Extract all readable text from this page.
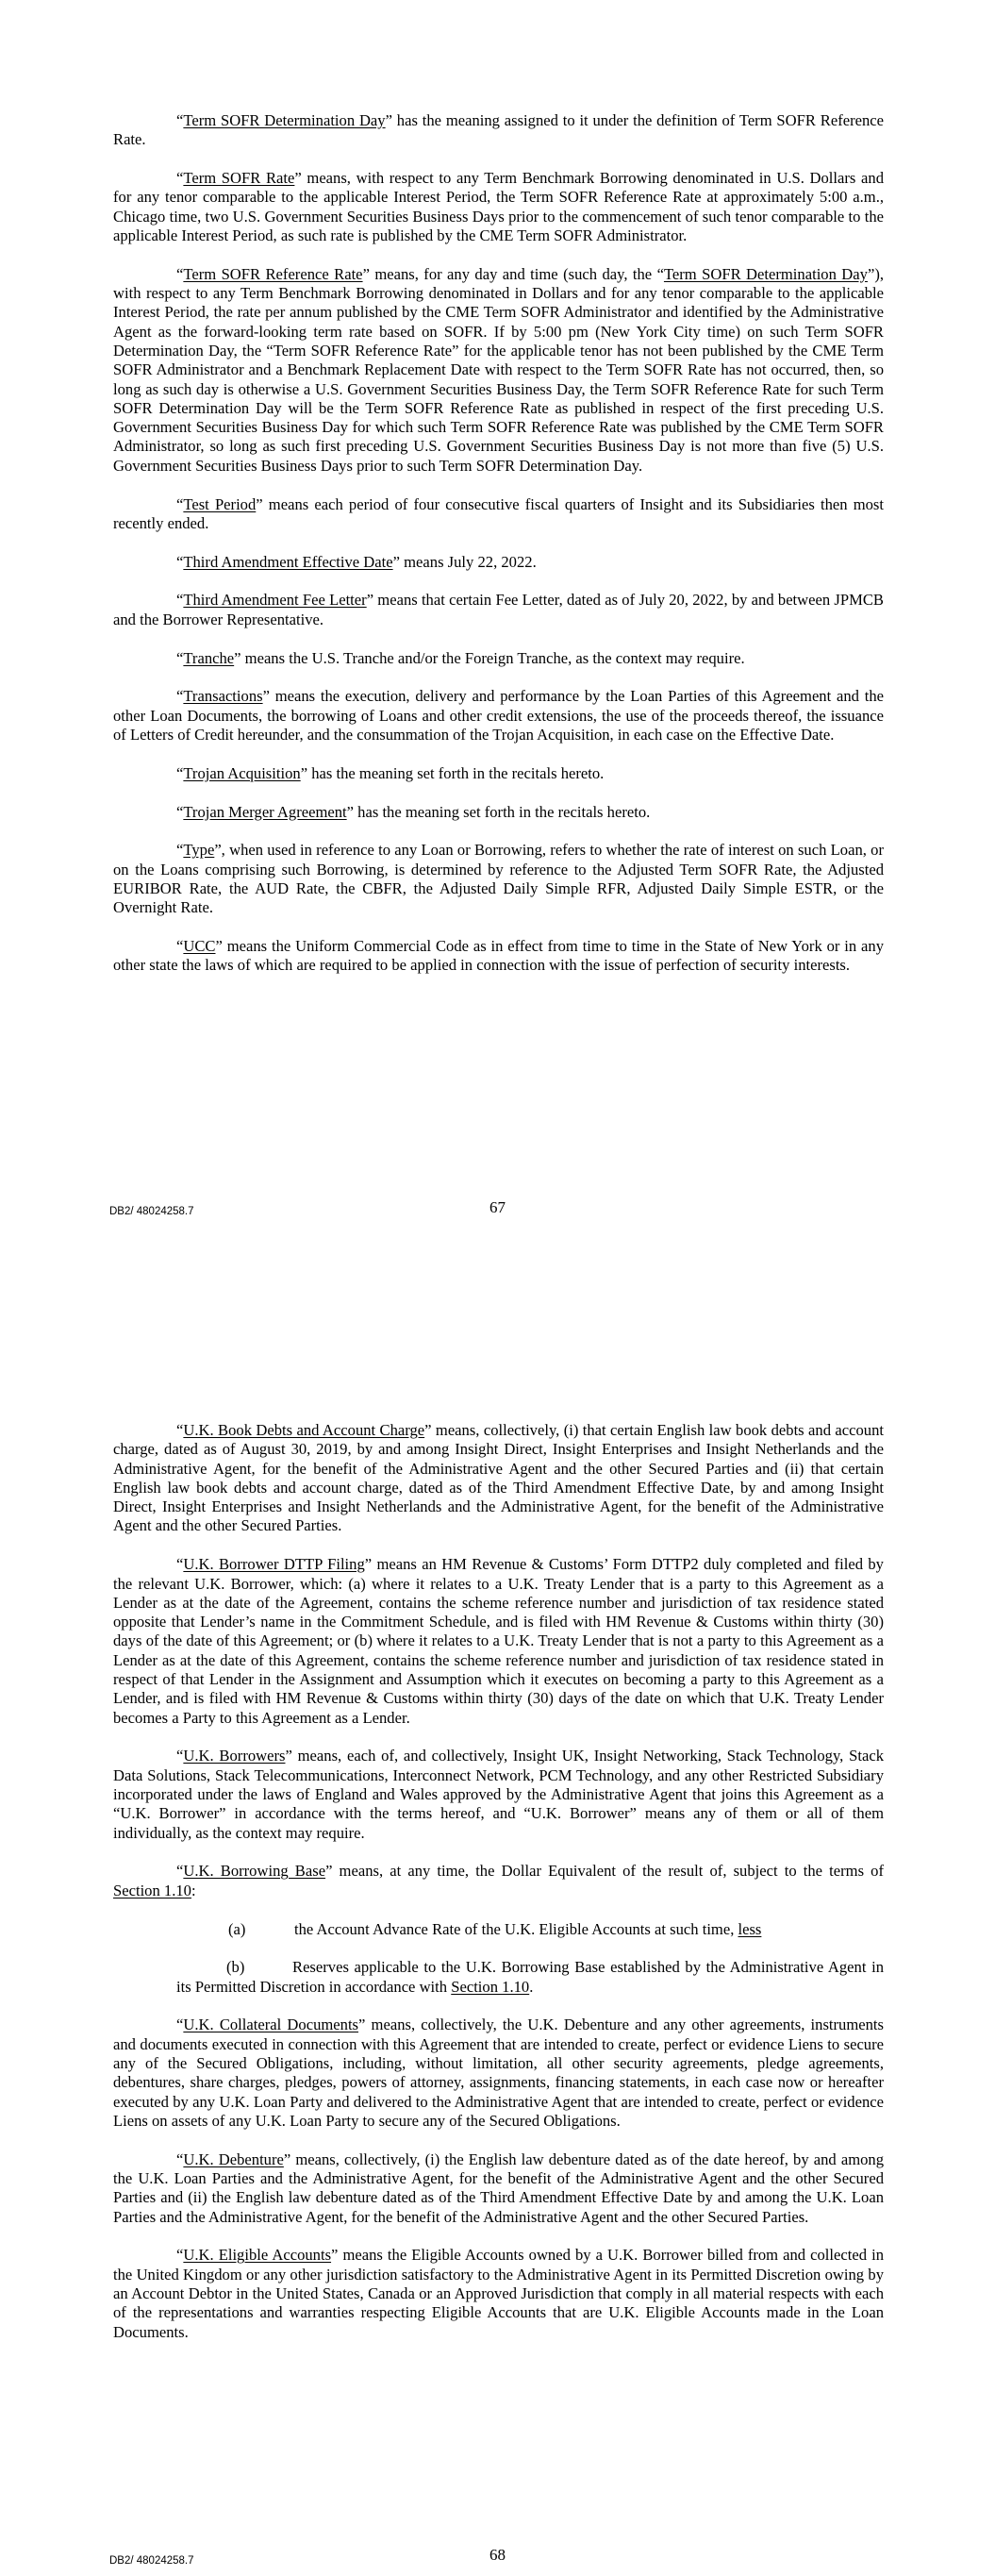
“Term SOFR Determination Day” has the meaning assigned to it under the definition of Term SOFR Reference Rate.

“Term SOFR Rate” means, with respect to any Term Benchmark Borrowing denominated in U.S. Dollars and for any tenor comparable to the applicable Interest Period, the Term SOFR Reference Rate at approximately 5:00 a.m., Chicago time, two U.S. Government Securities Business Days prior to the commencement of such tenor comparable to the applicable Interest Period, as such rate is published by the CME Term SOFR Administrator.

“Term SOFR Reference Rate” means, for any day and time (such day, the “Term SOFR Determination Day”), with respect to any Term Benchmark Borrowing denominated in Dollars and for any tenor comparable to the applicable Interest Period, the rate per annum published by the CME Term SOFR Administrator and identified by the Administrative Agent as the forward-looking term rate based on SOFR. If by 5:00 pm (New York City time) on such Term SOFR Determination Day, the “Term SOFR Reference Rate” for the applicable tenor has not been published by the CME Term SOFR Administrator and a Benchmark Replacement Date with respect to the Term SOFR Rate has not occurred, then, so long as such day is otherwise a U.S. Government Securities Business Day, the Term SOFR Reference Rate for such Term SOFR Determination Day will be the Term SOFR Reference Rate as published in respect of the first preceding U.S. Government Securities Business Day for which such Term SOFR Reference Rate was published by the CME Term SOFR Administrator, so long as such first preceding U.S. Government Securities Business Day is not more than five (5) U.S. Government Securities Business Days prior to such Term SOFR Determination Day.

“Test Period” means each period of four consecutive fiscal quarters of Insight and its Subsidiaries then most recently ended.

“Third Amendment Effective Date” means July 22, 2022.

“Third Amendment Fee Letter” means that certain Fee Letter, dated as of July 20, 2022, by and between JPMCB and the Borrower Representative.

“Tranche” means the U.S. Tranche and/or the Foreign Tranche, as the context may require.

“Transactions” means the execution, delivery and performance by the Loan Parties of this Agreement and the other Loan Documents, the borrowing of Loans and other credit extensions, the use of the proceeds thereof, the issuance of Letters of Credit hereunder, and the consummation of the Trojan Acquisition, in each case on the Effective Date.

“Trojan Acquisition” has the meaning set forth in the recitals hereto.

“Trojan Merger Agreement” has the meaning set forth in the recitals hereto.

“Type”, when used in reference to any Loan or Borrowing, refers to whether the rate of interest on such Loan, or on the Loans comprising such Borrowing, is determined by reference to the Adjusted Term SOFR Rate, the Adjusted EURIBOR Rate, the AUD Rate, the CBFR, the Adjusted Daily Simple RFR, Adjusted Daily Simple ESTR, or the Overnight Rate.

“UCC” means the Uniform Commercial Code as in effect from time to time in the State of New York or in any other state the laws of which are required to be applied in connection with the issue of perfection of security interests.

DB2/ 48024258.7	67

“U.K. Book Debts and Account Charge” means, collectively, (i) that certain English law book debts and account charge, dated as of August 30, 2019, by and among Insight Direct, Insight Enterprises and Insight Netherlands and the Administrative Agent, for the benefit of the Administrative Agent and the other Secured Parties and (ii) that certain English law book debts and account charge, dated as of the Third Amendment Effective Date, by and among Insight Direct, Insight Enterprises and Insight Netherlands and the Administrative Agent, for the benefit of the Administrative Agent and the other Secured Parties.

“U.K. Borrower DTTP Filing” means an HM Revenue & Customs’ Form DTTP2 duly completed and filed by the relevant U.K. Borrower, which: (a) where it relates to a U.K. Treaty Lender that is a party to this Agreement as a Lender as at the date of the Agreement, contains the scheme reference number and jurisdiction of tax residence stated opposite that Lender’s name in the Commitment Schedule, and is filed with HM Revenue & Customs within thirty (30) days of the date of this Agreement; or (b) where it relates to a U.K. Treaty Lender that is not a party to this Agreement as a Lender as at the date of this Agreement, contains the scheme reference number and jurisdiction of tax residence stated in respect of that Lender in the Assignment and Assumption which it executes on becoming a party to this Agreement as a Lender, and is filed with HM Revenue & Customs within thirty (30) days of the date on which that U.K. Treaty Lender becomes a Party to this Agreement as a Lender.

“U.K. Borrowers” means, each of, and collectively, Insight UK, Insight Networking, Stack Technology, Stack Data Solutions, Stack Telecommunications, Interconnect Network, PCM Technology, and any other Restricted Subsidiary incorporated under the laws of England and Wales approved by the Administrative Agent that joins this Agreement as a “U.K. Borrower” in accordance with the terms hereof, and “U.K. Borrower” means any of them or all of them individually, as the context may require.

“U.K. Borrowing Base” means, at any time, the Dollar Equivalent of the result of, subject to the terms of Section 1.10:

(a)	the Account Advance Rate of the U.K. Eligible Accounts at such time, less

(b)	Reserves applicable to the U.K. Borrowing Base established by the Administrative Agent in its Permitted Discretion in accordance with Section 1.10.

“U.K. Collateral Documents” means, collectively, the U.K. Debenture and any other agreements, instruments and documents executed in connection with this Agreement that are intended to create, perfect or evidence Liens to secure any of the Secured Obligations, including, without limitation, all other security agreements, pledge agreements, debentures, share charges, pledges, powers of attorney, assignments, financing statements, in each case now or hereafter executed by any U.K. Loan Party and delivered to the Administrative Agent that are intended to create, perfect or evidence Liens on assets of any U.K. Loan Party to secure any of the Secured Obligations.

“U.K. Debenture” means, collectively, (i) the English law debenture dated as of the date hereof, by and among the U.K. Loan Parties and the Administrative Agent, for the benefit of the Administrative Agent and the other Secured Parties and (ii) the English law debenture dated as of the Third Amendment Effective Date by and among the U.K. Loan Parties and the Administrative Agent, for the benefit of the Administrative Agent and the other Secured Parties.

“U.K. Eligible Accounts” means the Eligible Accounts owned by a U.K. Borrower billed from and collected in the United Kingdom or any other jurisdiction satisfactory to the Administrative Agent in its Permitted Discretion owing by an Account Debtor in the United States, Canada or an Approved Jurisdiction that comply in all material respects with each of the representations and warranties respecting Eligible Accounts that are U.K. Eligible Accounts made in the Loan Documents.

DB2/ 48024258.7	68
